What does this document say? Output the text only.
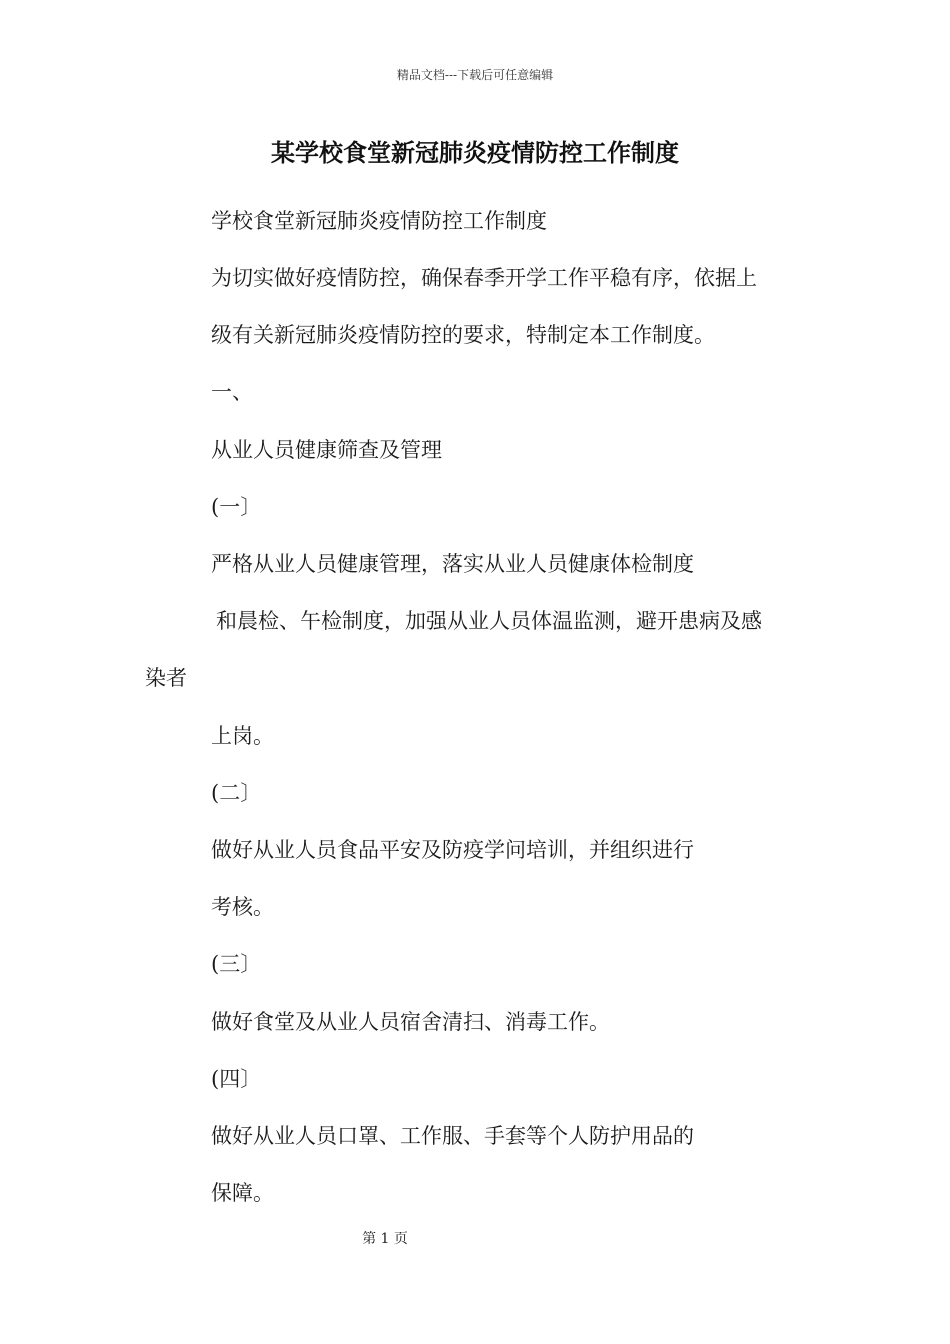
精品文档---下载后可任意编辑
某学校食堂新冠肺炎疫情防控工作制度
学校食堂新冠肺炎疫情防控工作制度
为切实做好疫情防控，确保春季开学工作平稳有序，依据上
级有关新冠肺炎疫情防控的要求，特制定本工作制度。
一、
从业人员健康筛查及管理
(一〕
严格从业人员健康管理，落实从业人员健康体检制度
和晨检、午检制度，加强从业人员体温监测，避开患病及感
染者
上岗。
(二〕
做好从业人员食品平安及防疫学问培训，并组织进行
考核。
(三〕
做好食堂及从业人员宿舍清扫、消毒工作。
(四〕
做好从业人员口罩、工作服、手套等个人防护用品的
保障。
第 1 页
